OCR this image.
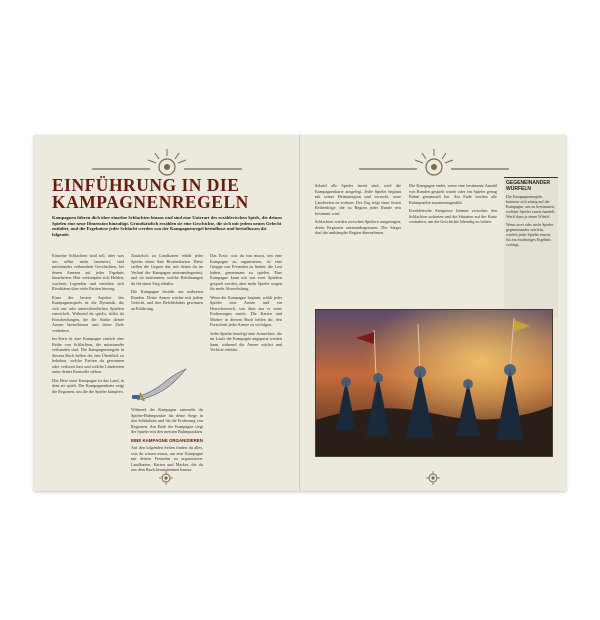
EINFÜHRUNG IN DIE KAMPAGNENREGELN

Kampagnen führen dich über einzelne Schlachten hinaus und sind eine Unterart des erzählerischen Spiels, die deinen Spielen eine neue Dimension hinzufügt. Grundsätzlich erzählen sie eine Geschichte, die sich mit jedem neuen Gefecht entfaltet, und die Ergebnisse jeder Schlacht werden von der Kampagnenregel beeinflusst und beeinflussen die folgende.

Einzelne Schlachten sind toll, aber was uns selbst mehr fasziniert, sind miteinander verbundene Geschichten, bei denen Armeen auf jedes Ergebnis hinarbeiten. Hier verknüpfen sich Helden, wachsen Legenden und entfalten sich Rivalitäten über viele Partien hinweg.

Einer der besten Aspekte des Kampagnenspiels ist die Dynamik, die sich aus sehr unterschiedlichen Spielern entwickelt. Während du spielst, triffst du Entscheidungen, die die Stärke deiner Armee beeinflussen und deine Ziele verändern.

Im Kern ist eine Kampagne einfach eine Reihe von Schlachten, die miteinander verbunden sind. Die Kampagnenregeln in diesem Buch helfen dir, den Überblick zu behalten, welche Partien du gewonnen oder verloren hast und welche Ländereien unter deiner Kontrolle stehen.

Das Herz einer Kampagne ist das Land, in dem sie spielt. Die Kampagnenkarte zeigt die Regionen, um die die Spieler kämpfen.

Zusätzlich zu Landkarten erhält jeder Spieler einen Satz Rivalenkarten. Diese stellen die Gegner dar, mit denen du im Verlauf der Kampagne aneinandergerätst, und sie bestimmen, welche Belohnungen du für einen Sieg erhältst.

Die Kampagne besteht aus mehreren Runden. Deine Armee wächst mit jedem Gefecht, und ihre Befehlshaber gewinnen an Erfahrung.

Während der Kampagne sammelst du Spieler-Ruhmpunkte für deine Siege in den Schlachten und für die Eroberung von Regionen. Am Ende der Kampagne siegt der Spieler mit den meisten Ruhmpunkten.

EINE KAMPAGNE ORGANISIEREN

Auf den folgenden Seiten findest du alles, was du wissen musst, um eine Kampagne mit deinen Freunden zu organisieren: Landkarten, Karten und Marker, die du aus dem Buch heraustrennen kannst.

Das Erste, was du tun musst, um eine Kampagne zu organisieren, ist eine Gruppe von Freunden zu finden, die Lust haben, gemeinsam zu spielen. Eine Kampagne kann mit nur zwei Spielern gespielt werden, aber mehr Spieler sorgen für mehr Abwechslung.

Wenn die Kampagne beginnt, wählt jeder Spieler eine Armee und ein Herrscherreich, von dem aus er seine Eroberungen startet. Die Karten und Marker in diesem Buch helfen dir, den Fortschritt jeder Armee zu verfolgen.

Jeder Spieler benötigt eine Armeeliste, die im Laufe der Kampagne angepasst werden kann, während die Armee wächst und Verluste erleidet.

Sobald alle Spieler bereit sind, wird die Kampagnenkarte ausgelegt. Jeder Spieler beginnt mit seiner Heimatregion und versucht, neue Ländereien zu erobern. Der Zug folgt einer festen Reihenfolge, die zu Beginn jeder Runde neu bestimmt wird.

Schlachten werden zwischen Spielern ausgetragen, deren Regionen aneinandergrenzen. Der Sieger darf die umkämpfte Region übernehmen.

Die Kampagne endet, wenn eine bestimmte Anzahl von Runden gespielt wurde oder ein Spieler genug Ruhm gesammelt hat. Am Ende werden alle Ruhmpunkte zusammengezählt.

Erzählerische Ereignisse können zwischen den Schlachten auftreten und die Situation auf der Karte verändern, um die Geschichte lebendig zu halten.

GEGENEINANDER WÜRFELN

Die Kampagnenregeln basieren sich einzig auf der Kampagne, um zu bestimmen, welcher Spieler zuerst handelt. Werft dazu je einen Würfel.

Wenn zwei oder mehr Spieler gegeneinander würfeln, würfelt jeder Spieler erneut, bis ein eindeutiges Ergebnis vorliegt.
